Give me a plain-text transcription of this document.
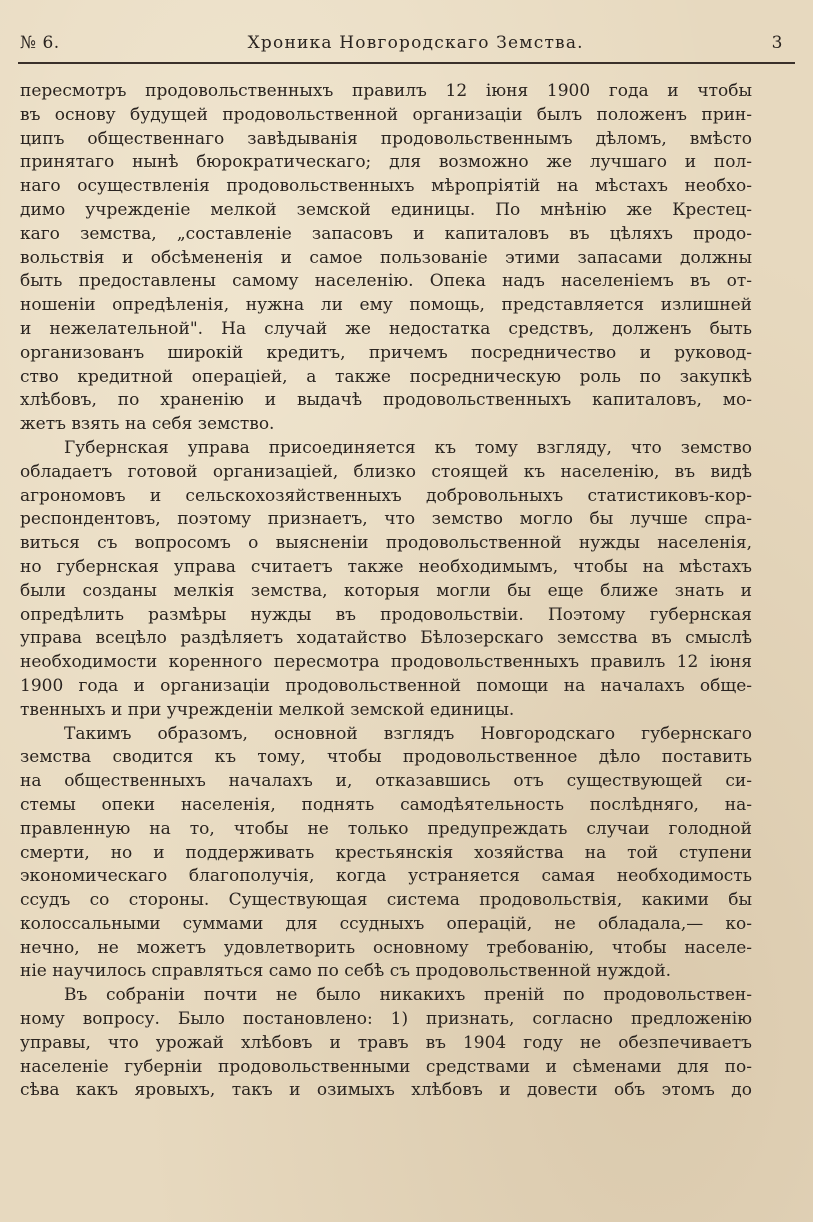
№ 6.	Хроника Новгородскаго Земства.	3
пересмотръ продовольственныхъ правилъ 12 іюня 1900 года и чтобы
въ основу будущей продовольственной организаціи былъ положенъ прин-
ципъ общественнаго завѣдыванія продовольственнымъ дѣломъ, вмѣсто
принятаго нынѣ бюрократическаго; для возможно же лучшаго и пол-
наго осуществленія продовольственныхъ мѣропріятій на мѣстахъ необхо-
димо учрежденіе мелкой земской единицы. По мнѣнію же Крестец-
каго земства, „составленіе запасовъ и капиталовъ въ цѣляхъ продо-
вольствія и обсѣмененія и самое пользованіе этими запасами должны
быть предоставлены самому населенію. Опека надъ населеніемъ въ от-
ношеніи опредѣленія, нужна ли ему помощь, представляется излишней
и нежелательной". На случай же недостатка средствъ, долженъ быть
организованъ широкій кредитъ, причемъ посредничество и руковод-
ство кредитной операціей, а также посредническую роль по закупкѣ
хлѣбовъ, по храненію и выдачѣ продовольственныхъ капиталовъ, мо-
жетъ взять на себя земство.
Губернская управа присоединяется къ тому взгляду, что земство
обладаетъ готовой организаціей, близко стоящей къ населенію, въ видѣ
агрономовъ и сельскохозяйственныхъ добровольныхъ статистиковъ-кор-
респондентовъ, поэтому признаетъ, что земство могло бы лучше спра-
виться съ вопросомъ о выясненіи продовольственной нужды населенія,
но губернская управа считаетъ также необходимымъ, чтобы на мѣстахъ
были созданы мелкія земства, которыя могли бы еще ближе знать и
опредѣлить размѣры нужды въ продовольствіи. Поэтому губернская
управа всецѣло раздѣляетъ ходатайство Бѣлозерскаго земсства въ смыслѣ
необходимости коренного пересмотра продовольственныхъ правилъ 12 іюня
1900 года и организаціи продовольственной помощи на началахъ обще-
твенныхъ и при учрежденіи мелкой земской единицы.
Такимъ образомъ, основной взглядъ Новгородскаго губернскаго
земства сводится къ тому, чтобы продовольственное дѣло поставить
на общественныхъ началахъ и, отказавшись отъ существующей си-
стемы опеки населенія, поднять самодѣятельность послѣдняго, на-
правленную на то, чтобы не только предупреждать случаи голодной
смерти, но и поддерживать крестьянскія хозяйства на той ступени
экономическаго благополучія, когда устраняется самая необходимость
ссудъ со стороны. Существующая система продовольствія, какими бы
колоссальными суммами для ссудныхъ операцій, не обладала,— ко-
нечно, не можетъ удовлетворить основному требованію, чтобы населе-
ніе научилось справляться само по себѣ съ продовольственной нуждой.
Въ собраніи почти не было никакихъ преній по продовольствен-
ному вопросу. Было постановлено: 1) признать, согласно предложенію
управы, что урожай хлѣбовъ и травъ въ 1904 году не обезпечиваетъ
населеніе губерніи продовольственными средствами и сѣменами для по-
сѣва какъ яровыхъ, такъ и озимыхъ хлѣбовъ и довести объ этомъ до
